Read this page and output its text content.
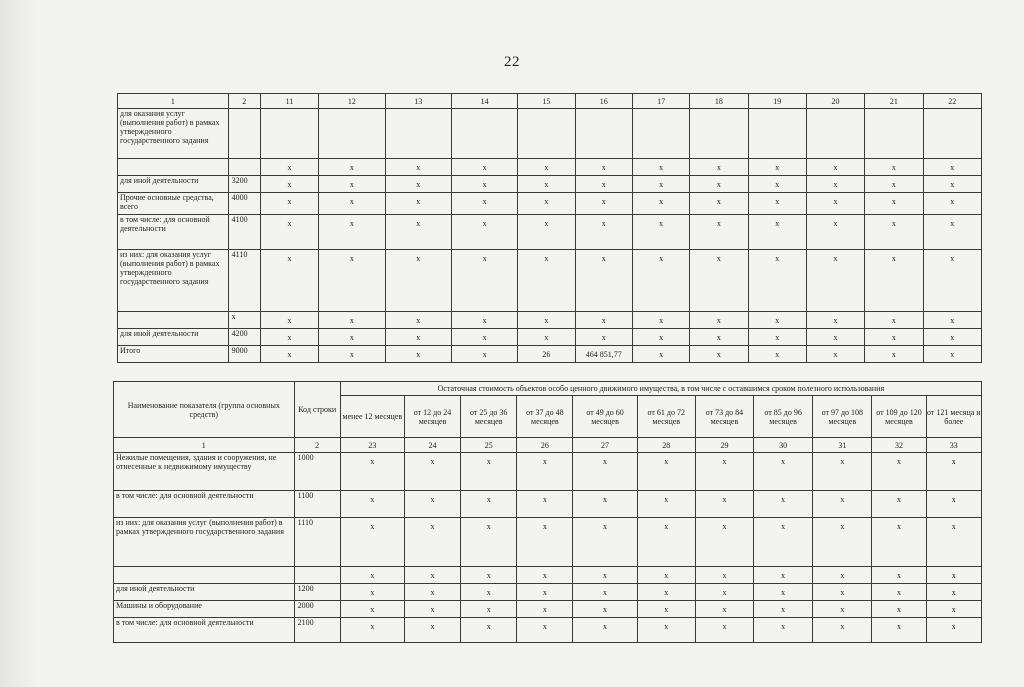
22
1	2	11	12	13	14	15	16	17	18	19	20	21	22
для оказания услуг (выполнения работ) в рамках утвержденного государственного задания													
		x	x	x	x	x	x	x	x	x	x	x	x
для иной деятельности	3200	x	x	x	x	x	x	x	x	x	x	x	x
Прочие основные средства, всего	4000	x	x	x	x	x	x	x	x	x	x	x	x
в том числе: для основной деятельности	4100	x	x	x	x	x	x	x	x	x	x	x	x
из них: для оказания услуг (выполнения работ) в рамках утвержденного государственного задания	4110	x	x	x	x	x	x	x	x	x	x	x	x
	x	x	x	x	x	x	x	x	x	x	x	x	x
для иной деятельности	4200	x	x	x	x	x	x	x	x	x	x	x	x
Итого	9000	x	x	x	x	26	464 851,77	x	x	x	x	x	x
Наименование показателя (группа основных средств)	Код строки	Остаточная стоимость объектов особо ценного движимого имущества, в том числе с оставшимся сроком полезного использования										
		менее 12 месяцев	от 12 до 24 месяцев	от 25 до 36 месяцев	от 37 до 48 месяцев	от 49 до 60 месяцев	от 61 до 72 месяцев	от 73 до 84 месяцев	от 85 до 96 месяцев	от 97 до 108 месяцев	от 109 до 120 месяцев	от 121 месяца и более
1	2	23	24	25	26	27	28	29	30	31	32	33
Нежилые помещения, здания и сооружения, не отнесенные к недвижимому имуществу	1000	x	x	x	x	x	x	x	x	x	x	x
в том числе: для основной деятельности	1100	x	x	x	x	x	x	x	x	x	x	x
из них: для оказания услуг (выполнения работ) в рамках утвержденного государственного задания	1110	x	x	x	x	x	x	x	x	x	x	x
		x	x	x	x	x	x	x	x	x	x	x
для иной деятельности	1200	x	x	x	x	x	x	x	x	x	x	x
Машины и оборудование	2000	x	x	x	x	x	x	x	x	x	x	x
в том числе: для основной деятельности	2100	x	x	x	x	x	x	x	x	x	x	x
